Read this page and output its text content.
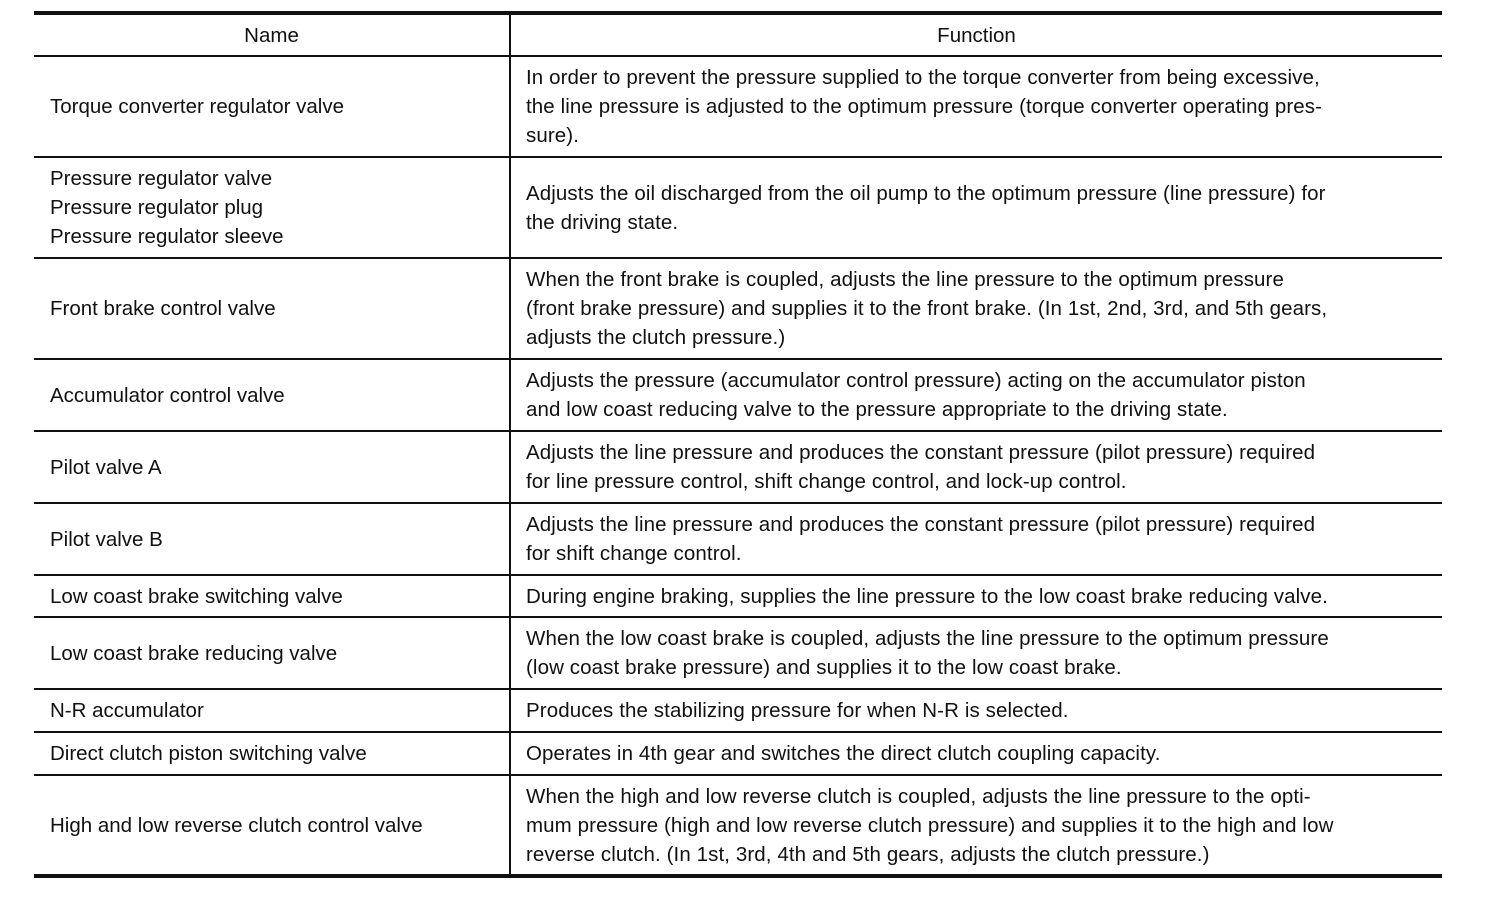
Name	Function

Torque converter regulator valve	In order to prevent the pressure supplied to the torque converter from being excessive,
the line pressure is adjusted to the optimum pressure (torque converter operating pres-
sure).

Pressure regulator valve
Pressure regulator plug
Pressure regulator sleeve	Adjusts the oil discharged from the oil pump to the optimum pressure (line pressure) for
the driving state.

Front brake control valve	When the front brake is coupled, adjusts the line pressure to the optimum pressure
(front brake pressure) and supplies it to the front brake. (In 1st, 2nd, 3rd, and 5th gears,
adjusts the clutch pressure.)

Accumulator control valve	Adjusts the pressure (accumulator control pressure) acting on the accumulator piston
and low coast reducing valve to the pressure appropriate to the driving state.

Pilot valve A	Adjusts the line pressure and produces the constant pressure (pilot pressure) required
for line pressure control, shift change control, and lock-up control.

Pilot valve B	Adjusts the line pressure and produces the constant pressure (pilot pressure) required
for shift change control.

Low coast brake switching valve	During engine braking, supplies the line pressure to the low coast brake reducing valve.

Low coast brake reducing valve	When the low coast brake is coupled, adjusts the line pressure to the optimum pressure
(low coast brake pressure) and supplies it to the low coast brake.

N-R accumulator	Produces the stabilizing pressure for when N-R is selected.

Direct clutch piston switching valve	Operates in 4th gear and switches the direct clutch coupling capacity.

High and low reverse clutch control valve	When the high and low reverse clutch is coupled, adjusts the line pressure to the opti-
mum pressure (high and low reverse clutch pressure) and supplies it to the high and low
reverse clutch. (In 1st, 3rd, 4th and 5th gears, adjusts the clutch pressure.)
